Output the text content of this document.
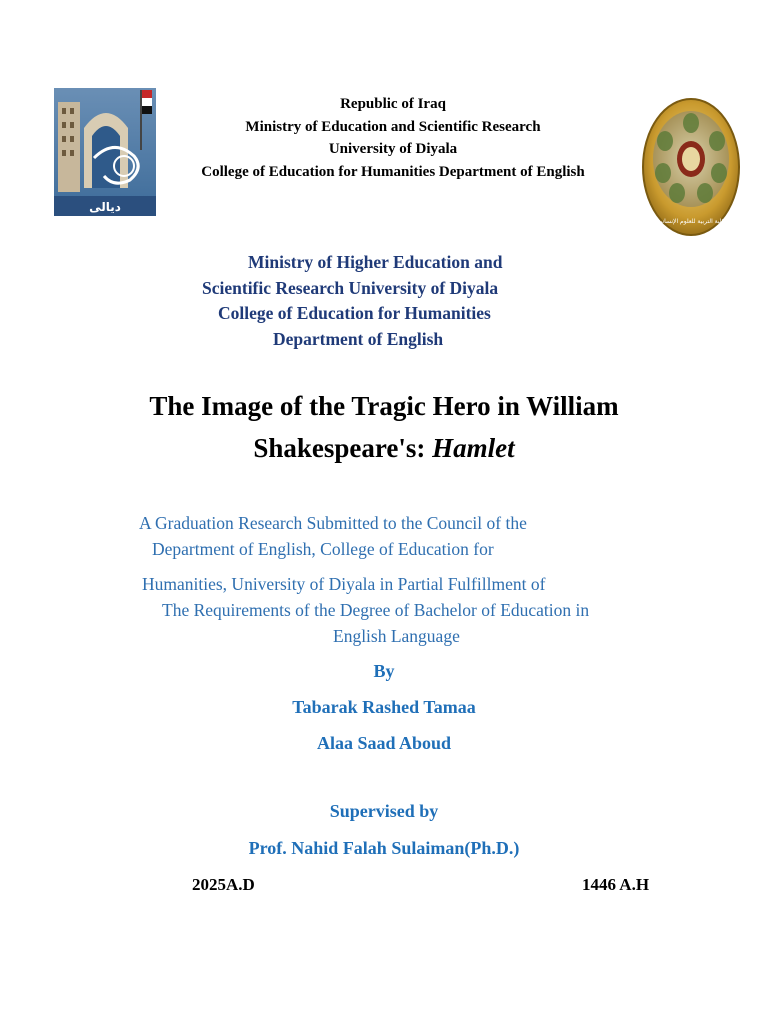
ديالى
Republic of Iraq
Ministry of Education and Scientific Research
University of Diyala
College of Education for Humanities Department of English
كلية التربية للعلوم الإنسانية
Ministry of Higher Education and
Scientific Research University of Diyala
College of Education for Humanities
Department of English
The Image of the Tragic Hero in William
Shakespeare's: Hamlet
A Graduation Research Submitted to the Council of the
Department of English, College of Education for
Humanities, University of Diyala in Partial Fulfillment of
The Requirements of the Degree of Bachelor of Education in
English Language
By
Tabarak Rashed Tamaa
Alaa Saad Aboud
Supervised by
Prof. Nahid Falah Sulaiman(Ph.D.)
2025A.D	1446 A.H
